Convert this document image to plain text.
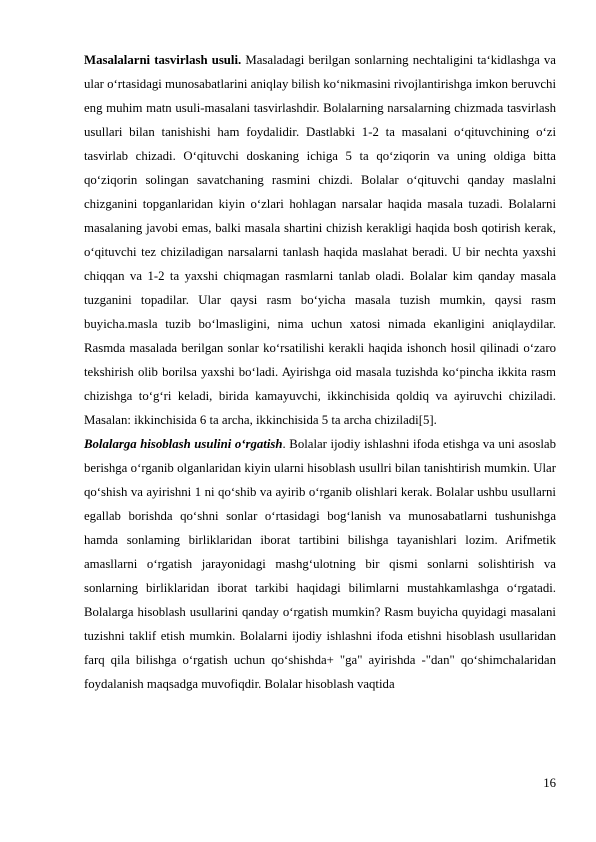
Masalalarni tasvirlash usuli. Masaladagi berilgan sonlarning nechtaligini ta‘kidlashga va ular o‘rtasidagi munosabatlarini aniqlay bilish ko‘nikmasini rivojlantirishga imkon beruvchi eng muhim matn usuli-masalani tasvirlashdir. Bolalarning narsalarning chizmada tasvirlash usullari bilan tanishishi ham foydalidir. Dastlabki 1-2 ta masalani o‘qituvchining o‘zi tasvirlab chizadi. O‘qituvchi doskaning ichiga 5 ta qo‘ziqorin va uning oldiga bitta qo‘ziqorin solingan savatchaning rasmini chizdi. Bolalar o‘qituvchi qanday maslalni chizganini topganlaridan kiyin o‘zlari hohlagan narsalar haqida masala tuzadi. Bolalarni masalaning javobi emas, balki masala shartini chizish kerakligi haqida bosh qotirish kerak, o‘qituvchi tez chiziladigan narsalarni tanlash haqida maslahat beradi. U bir nechta yaxshi chiqqan va 1-2 ta yaxshi chiqmagan rasmlarni tanlab oladi. Bolalar kim qanday masala tuzganini topadilar. Ular qaysi rasm bo‘yicha masala tuzish mumkin, qaysi rasm buyicha.masla tuzib bo‘lmasligini, nima uchun xatosi nimada ekanligini aniqlaydilar. Rasmda masalada berilgan sonlar ko‘rsatilishi kerakli haqida ishonch hosil qilinadi o‘zaro tekshirish olib borilsa yaxshi bo‘ladi. Ayirishga oid masala tuzishda ko‘pincha ikkita rasm chizishga to‘g‘ri keladi, birida kamayuvchi, ikkinchisida qoldiq va ayiruvchi chiziladi. Masalan: ikkinchisida 6 ta archa, ikkinchisida 5 ta archa chiziladi[5].

Bolalarga hisoblash usulini o‘rgatish. Bolalar ijodiy ishlashni ifoda etishga va uni asoslab berishga o‘rganib olganlaridan kiyin ularni hisoblash usullri bilan tanishtirish mumkin. Ular qo‘shish va ayirishni 1 ni qo‘shib va ayirib o‘rganib olishlari kerak. Bolalar ushbu usullarni egallab borishda qo‘shni sonlar o‘rtasidagi bog‘lanish va munosabatlarni tushunishga hamda sonlaming birliklaridan iborat tartibini bilishga tayanishlari lozim. Arifmetik amasllarni o‘rgatish jarayonidagi mashg‘ulotning bir qismi sonlarni solishtirish va sonlarning birliklaridan iborat tarkibi haqidagi bilimlarni mustahkamlashga o‘rgatadi. Bolalarga hisoblash usullarini qanday o‘rgatish mumkin? Rasm buyicha quyidagi masalani tuzishni taklif etish mumkin. Bolalarni ijodiy ishlashni ifoda etishni hisoblash usullaridan farq qila bilishga o‘rgatish uchun qo‘shishda+ "ga" ayirishda -"dan" qo‘shimchalaridan foydalanish maqsadga muvofiqdir. Bolalar hisoblash vaqtida

16
